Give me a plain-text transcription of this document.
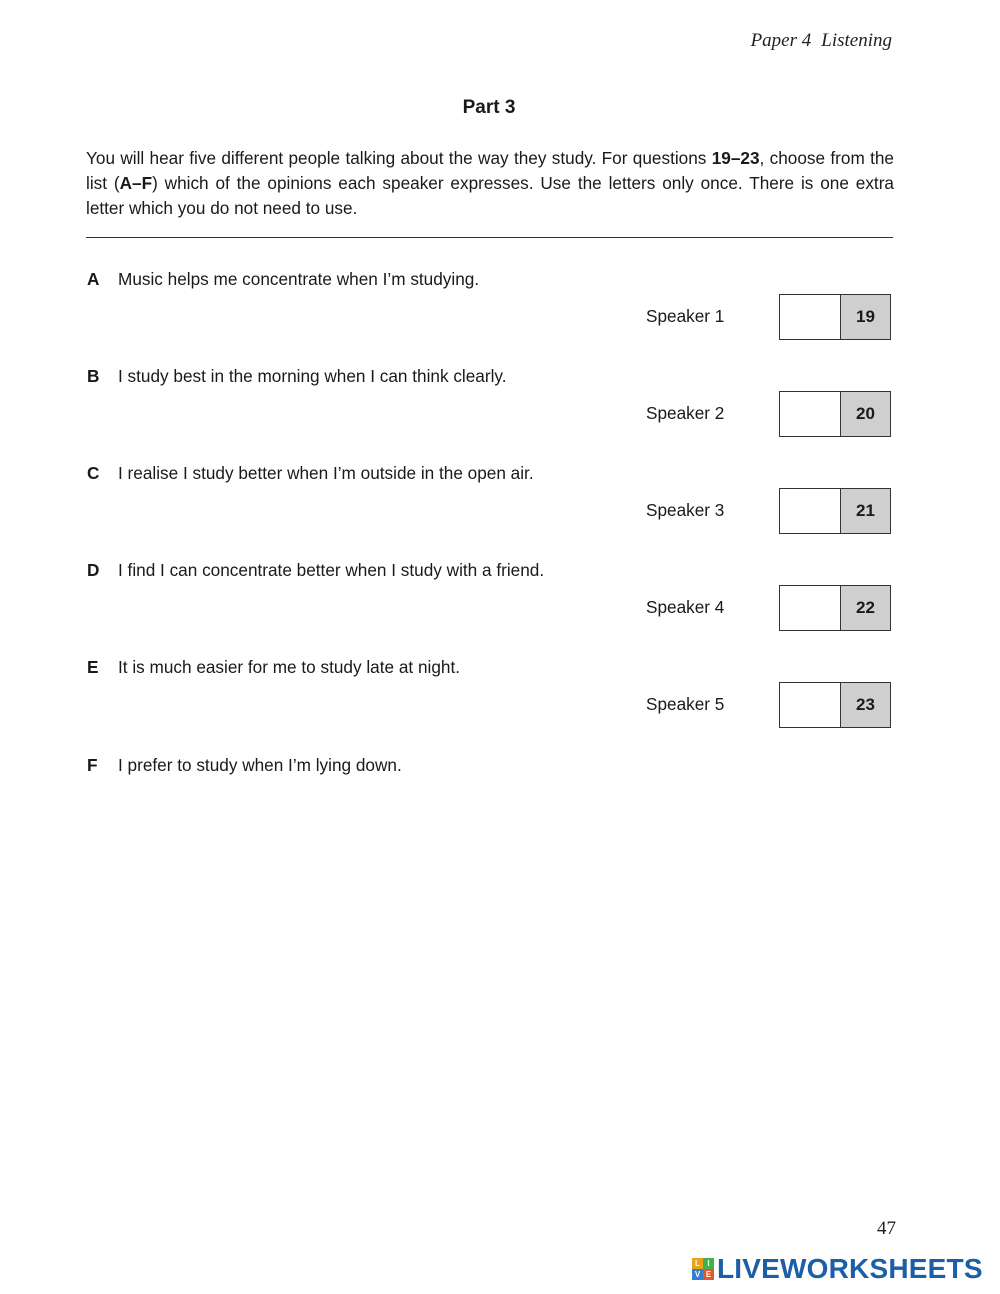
Paper 4 Listening
Part 3
You will hear five different people talking about the way they study. For questions 19–23, choose from the list (A–F) which of the opinions each speaker expresses. Use the letters only once. There is one extra letter which you do not need to use.
A Music helps me concentrate when I’m studying.
B I study best in the morning when I can think clearly.
C I realise I study better when I’m outside in the open air.
D I find I can concentrate better when I study with a friend.
E It is much easier for me to study late at night.
F I prefer to study when I’m lying down.
Speaker 1	19
Speaker 2	20
Speaker 3	21
Speaker 4	22
Speaker 5	23
47
L I
V E LIVEWORKSHEETS
